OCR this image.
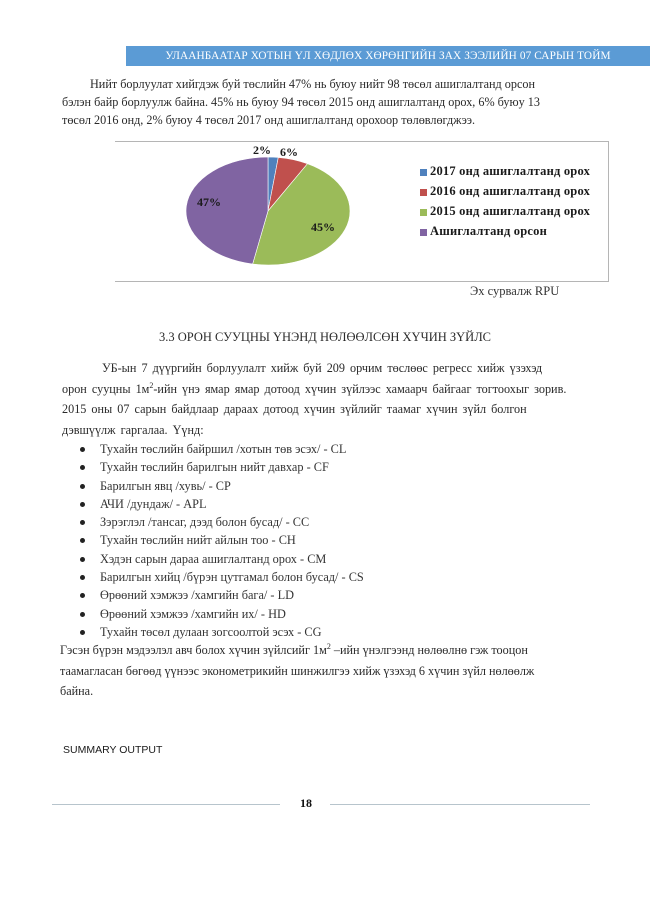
УЛААНБААТАР ХОТЫН ҮЛ ХӨДЛӨХ ХӨРӨНГИЙН ЗАХ ЗЭЭЛИЙН 07 САРЫН ТОЙМ
Нийт борлуулат хийгдэж буй төслийн 47% нь буюу нийт 98 төсөл ашиглалтанд орсон
бэлэн байр борлуулж байна. 45% нь буюу 94 төсөл 2015 онд ашиглалтанд орох, 6% буюу 13
төсөл 2016 онд, 2% буюу 4 төсөл 2017 онд ашиглалтанд орохоор төлөвлөгджээ.
2% 6%
45%
47%
2017 онд ашиглалтанд орох
2016 онд ашиглалтанд орох
2015 онд ашиглалтанд орох
Ашиглалтанд орсон
Эх сурвалж RPU
3.3 ОРОН СУУЦНЫ ҮНЭНД НӨЛӨӨЛСӨН ХҮЧИН ЗҮЙЛС
УБ-ын 7 дүүргийн борлуулалт хийж буй 209 орчим төслөөс регресс хийж үзэхэд
орон сууцны $1м^2$-ийн үнэ ямар ямар дотоод хүчин зүйлээс хамаарч байгааг тогтоохыг зорив.
2015 оны 07 сарын байдлаар дараах дотоод хүчин зүйлийг таамаг хүчин зүйл болгон
дэвшүүлж гаргалаа. Үүнд:
Тухайн төслийн байршил /хотын төв эсэх/ - CL
Тухайн төслийн барилгын нийт давхар - CF
Барилгын явц /хувь/ - CP
АЧИ /дундаж/ - APL
Зэрэглэл /тансаг, дээд болон бусад/ - CC
Тухайн төслийн нийт айлын тоо - CH
Хэдэн сарын дараа ашиглалтанд орох - CM
Барилгын хийц /бүрэн цутгамал болон бусад/ - CS
Өрөөний хэмжээ /хамгийн бага/ - LD
Өрөөний хэмжээ /хамгийн их/ - HD
Тухайн төсөл дулаан зогсоолтой эсэх - CG
Гэсэн бүрэн мэдээлэл авч болох хүчин зүйлсийг $1м^2$ –ийн үнэлгээнд нөлөөлнө гэж тооцон
таамагласан бөгөөд үүнээс эконометрикийн шинжилгээ хийж үзэхэд 6 хүчин зүйл нөлөөлж
байна.
SUMMARY OUTPUT
18
